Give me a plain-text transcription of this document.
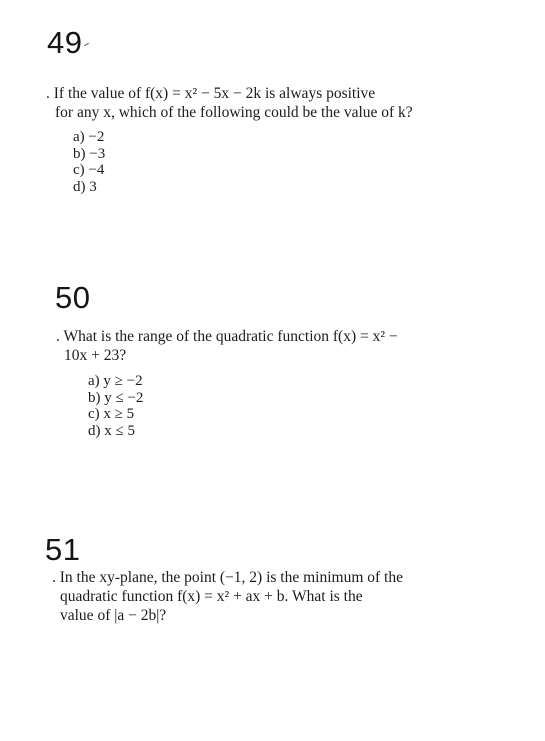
49
. If the value of f(x) = x² − 5x − 2k is always positive
for any x, which of the following could be the value of k?
a) −2
b) −3
c) −4
d) 3
50
. What is the range of the quadratic function f(x) = x² −
10x + 23?
a) y ≥ −2
b) y ≤ −2
c) x ≥ 5
d) x ≤ 5
51
. In the xy-plane, the point (−1, 2) is the minimum of the
quadratic function f(x) = x² + ax + b. What is the
value of |a − 2b|?
